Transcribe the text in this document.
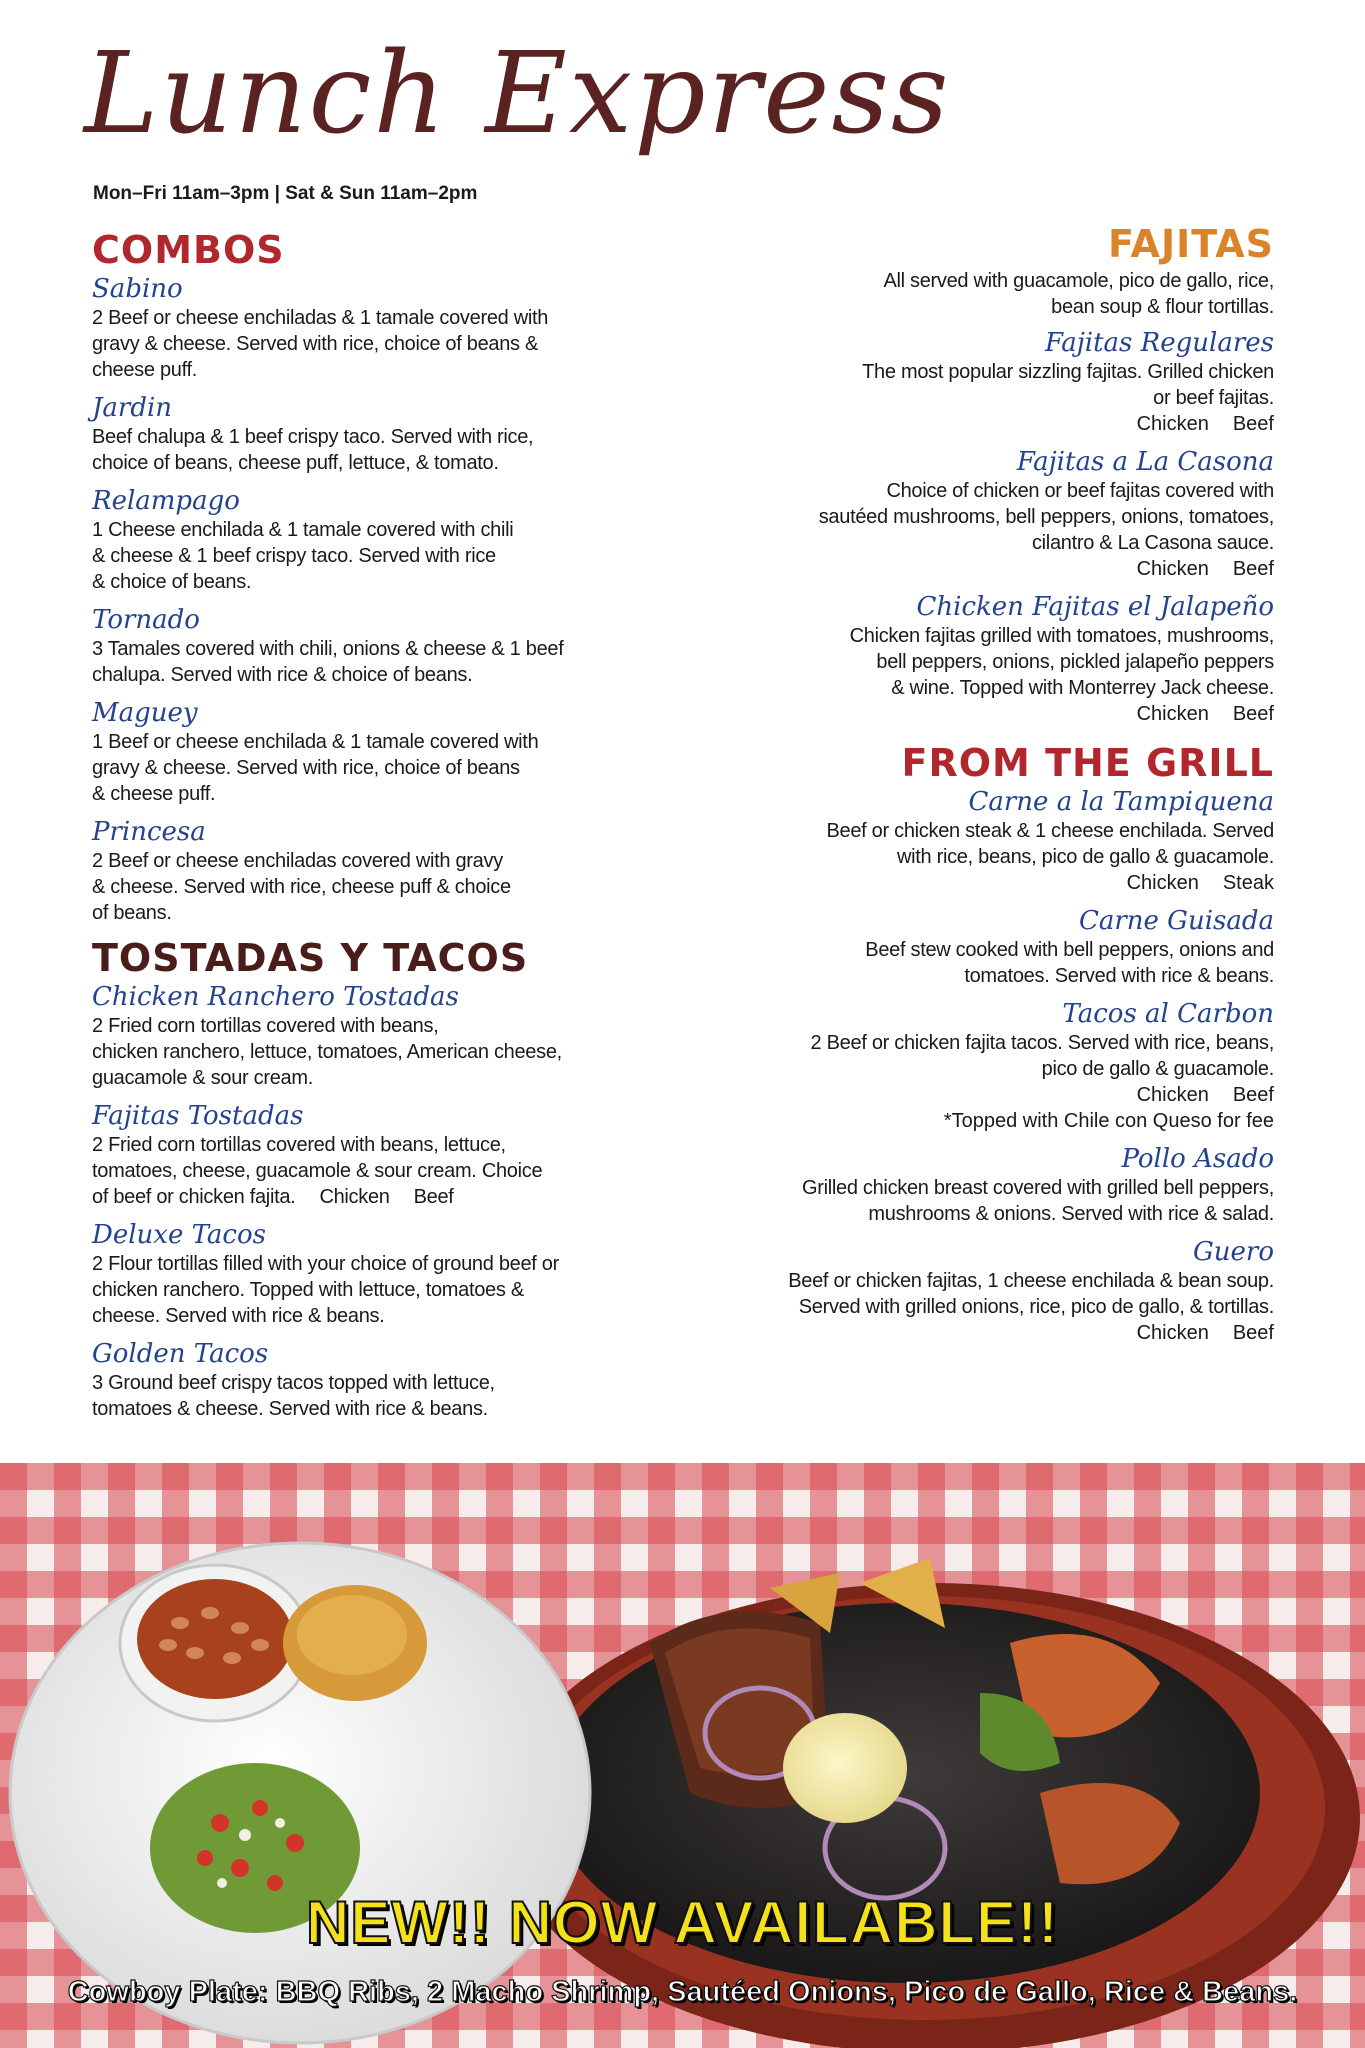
Lunch Express
Mon–Fri 11am–3pm | Sat & Sun 11am–2pm
COMBOS
Sabino
2 Beef or cheese enchiladas & 1 tamale covered with
gravy & cheese. Served with rice, choice of beans &
cheese puff.
Jardin
Beef chalupa & 1 beef crispy taco. Served with rice,
choice of beans, cheese puff, lettuce, & tomato.
Relampago
1 Cheese enchilada & 1 tamale covered with chili
& cheese & 1 beef crispy taco. Served with rice
& choice of beans.
Tornado
3 Tamales covered with chili, onions & cheese & 1 beef
chalupa. Served with rice & choice of beans.
Maguey
1 Beef or cheese enchilada & 1 tamale covered with
gravy & cheese. Served with rice, choice of beans
& cheese puff.
Princesa
2 Beef or cheese enchiladas covered with gravy
& cheese. Served with rice, cheese puff & choice
of beans.
TOSTADAS Y TACOS
Chicken Ranchero Tostadas
2 Fried corn tortillas covered with beans,
chicken ranchero, lettuce, tomatoes, American cheese,
guacamole & sour cream.
Fajitas Tostadas
2 Fried corn tortillas covered with beans, lettuce,
tomatoes, cheese, guacamole & sour cream. Choice
of beef or chicken fajita. Chicken Beef
Deluxe Tacos
2 Flour tortillas filled with your choice of ground beef or
chicken ranchero. Topped with lettuce, tomatoes &
cheese. Served with rice & beans.
Golden Tacos
3 Ground beef crispy tacos topped with lettuce,
tomatoes & cheese. Served with rice & beans.
FAJITAS
All served with guacamole, pico de gallo, rice,
bean soup & flour tortillas.
Fajitas Regulares
The most popular sizzling fajitas. Grilled chicken
or beef fajitas.
Chicken Beef
Fajitas a La Casona
Choice of chicken or beef fajitas covered with
sautéed mushrooms, bell peppers, onions, tomatoes,
cilantro & La Casona sauce.
Chicken Beef
Chicken Fajitas el Jalapeño
Chicken fajitas grilled with tomatoes, mushrooms,
bell peppers, onions, pickled jalapeño peppers
& wine. Topped with Monterrey Jack cheese.
Chicken Beef
FROM THE GRILL
Carne a la Tampiquena
Beef or chicken steak & 1 cheese enchilada. Served
with rice, beans, pico de gallo & guacamole.
Chicken Steak
Carne Guisada
Beef stew cooked with bell peppers, onions and
tomatoes. Served with rice & beans.
Tacos al Carbon
2 Beef or chicken fajita tacos. Served with rice, beans,
pico de gallo & guacamole.
Chicken Beef
*Topped with Chile con Queso for fee
Pollo Asado
Grilled chicken breast covered with grilled bell peppers,
mushrooms & onions. Served with rice & salad.
Guero
Beef or chicken fajitas, 1 cheese enchilada & bean soup.
Served with grilled onions, rice, pico de gallo, & tortillas.
Chicken Beef
NEW!! NOW AVAILABLE!!
Cowboy Plate: BBQ Ribs, 2 Macho Shrimp, Sautéed Onions, Pico de Gallo, Rice & Beans.
